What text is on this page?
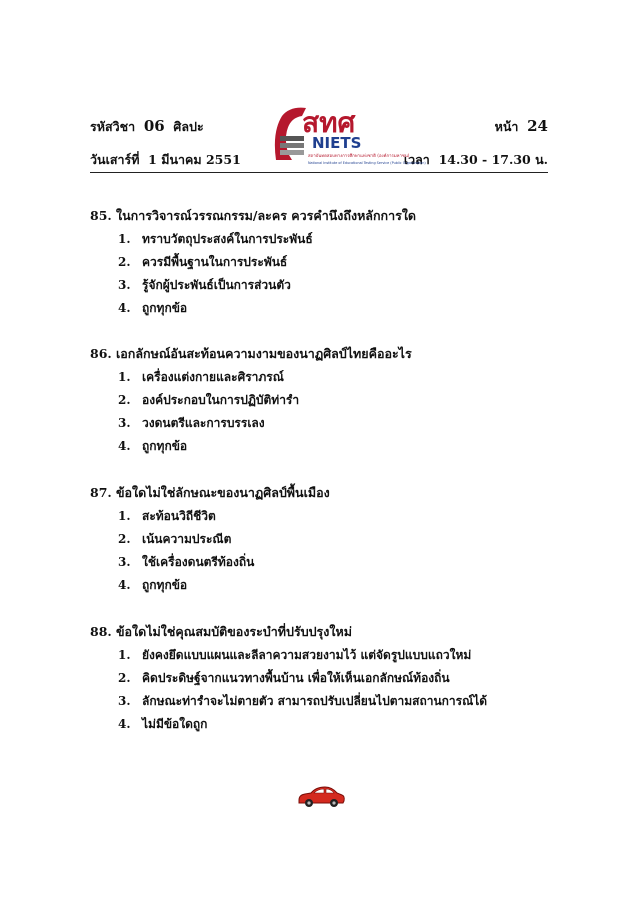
รหัสวิชา 06 ศิลปะ	หน้า 24
วันเสาร์ที่ 1 มีนาคม 2551	เวลา 14.30 - 17.30 น.
สทศ
NIETS
สถาบันทดสอบทางการศึกษาแห่งชาติ (องค์การมหาชน)
National Institute of Educational Testing Service (Public Organization)
85. ในการวิจารณ์วรรณกรรม/ละคร ควรคำนึงถึงหลักการใด
1. ทราบวัตถุประสงค์ในการประพันธ์
2. ควรมีพื้นฐานในการประพันธ์
3. รู้จักผู้ประพันธ์เป็นการส่วนตัว
4. ถูกทุกข้อ
86. เอกลักษณ์อันสะท้อนความงามของนาฏศิลป์ไทยคืออะไร
1. เครื่องแต่งกายและศิราภรณ์
2. องค์ประกอบในการปฏิบัติท่ารำ
3. วงดนตรีและการบรรเลง
4. ถูกทุกข้อ
87. ข้อใดไม่ใช่ลักษณะของนาฏศิลป์พื้นเมือง
1. สะท้อนวิถีชีวิต
2. เน้นความประณีต
3. ใช้เครื่องดนตรีท้องถิ่น
4. ถูกทุกข้อ
88. ข้อใดไม่ใช่คุณสมบัติของระบำที่ปรับปรุงใหม่
1. ยังคงยึดแบบแผนและลีลาความสวยงามไว้ แต่จัดรูปแบบแถวใหม่
2. คิดประดิษฐ์จากแนวทางพื้นบ้าน เพื่อให้เห็นเอกลักษณ์ท้องถิ่น
3. ลักษณะท่ารำจะไม่ตายตัว สามารถปรับเปลี่ยนไปตามสถานการณ์ได้
4. ไม่มีข้อใดถูก
